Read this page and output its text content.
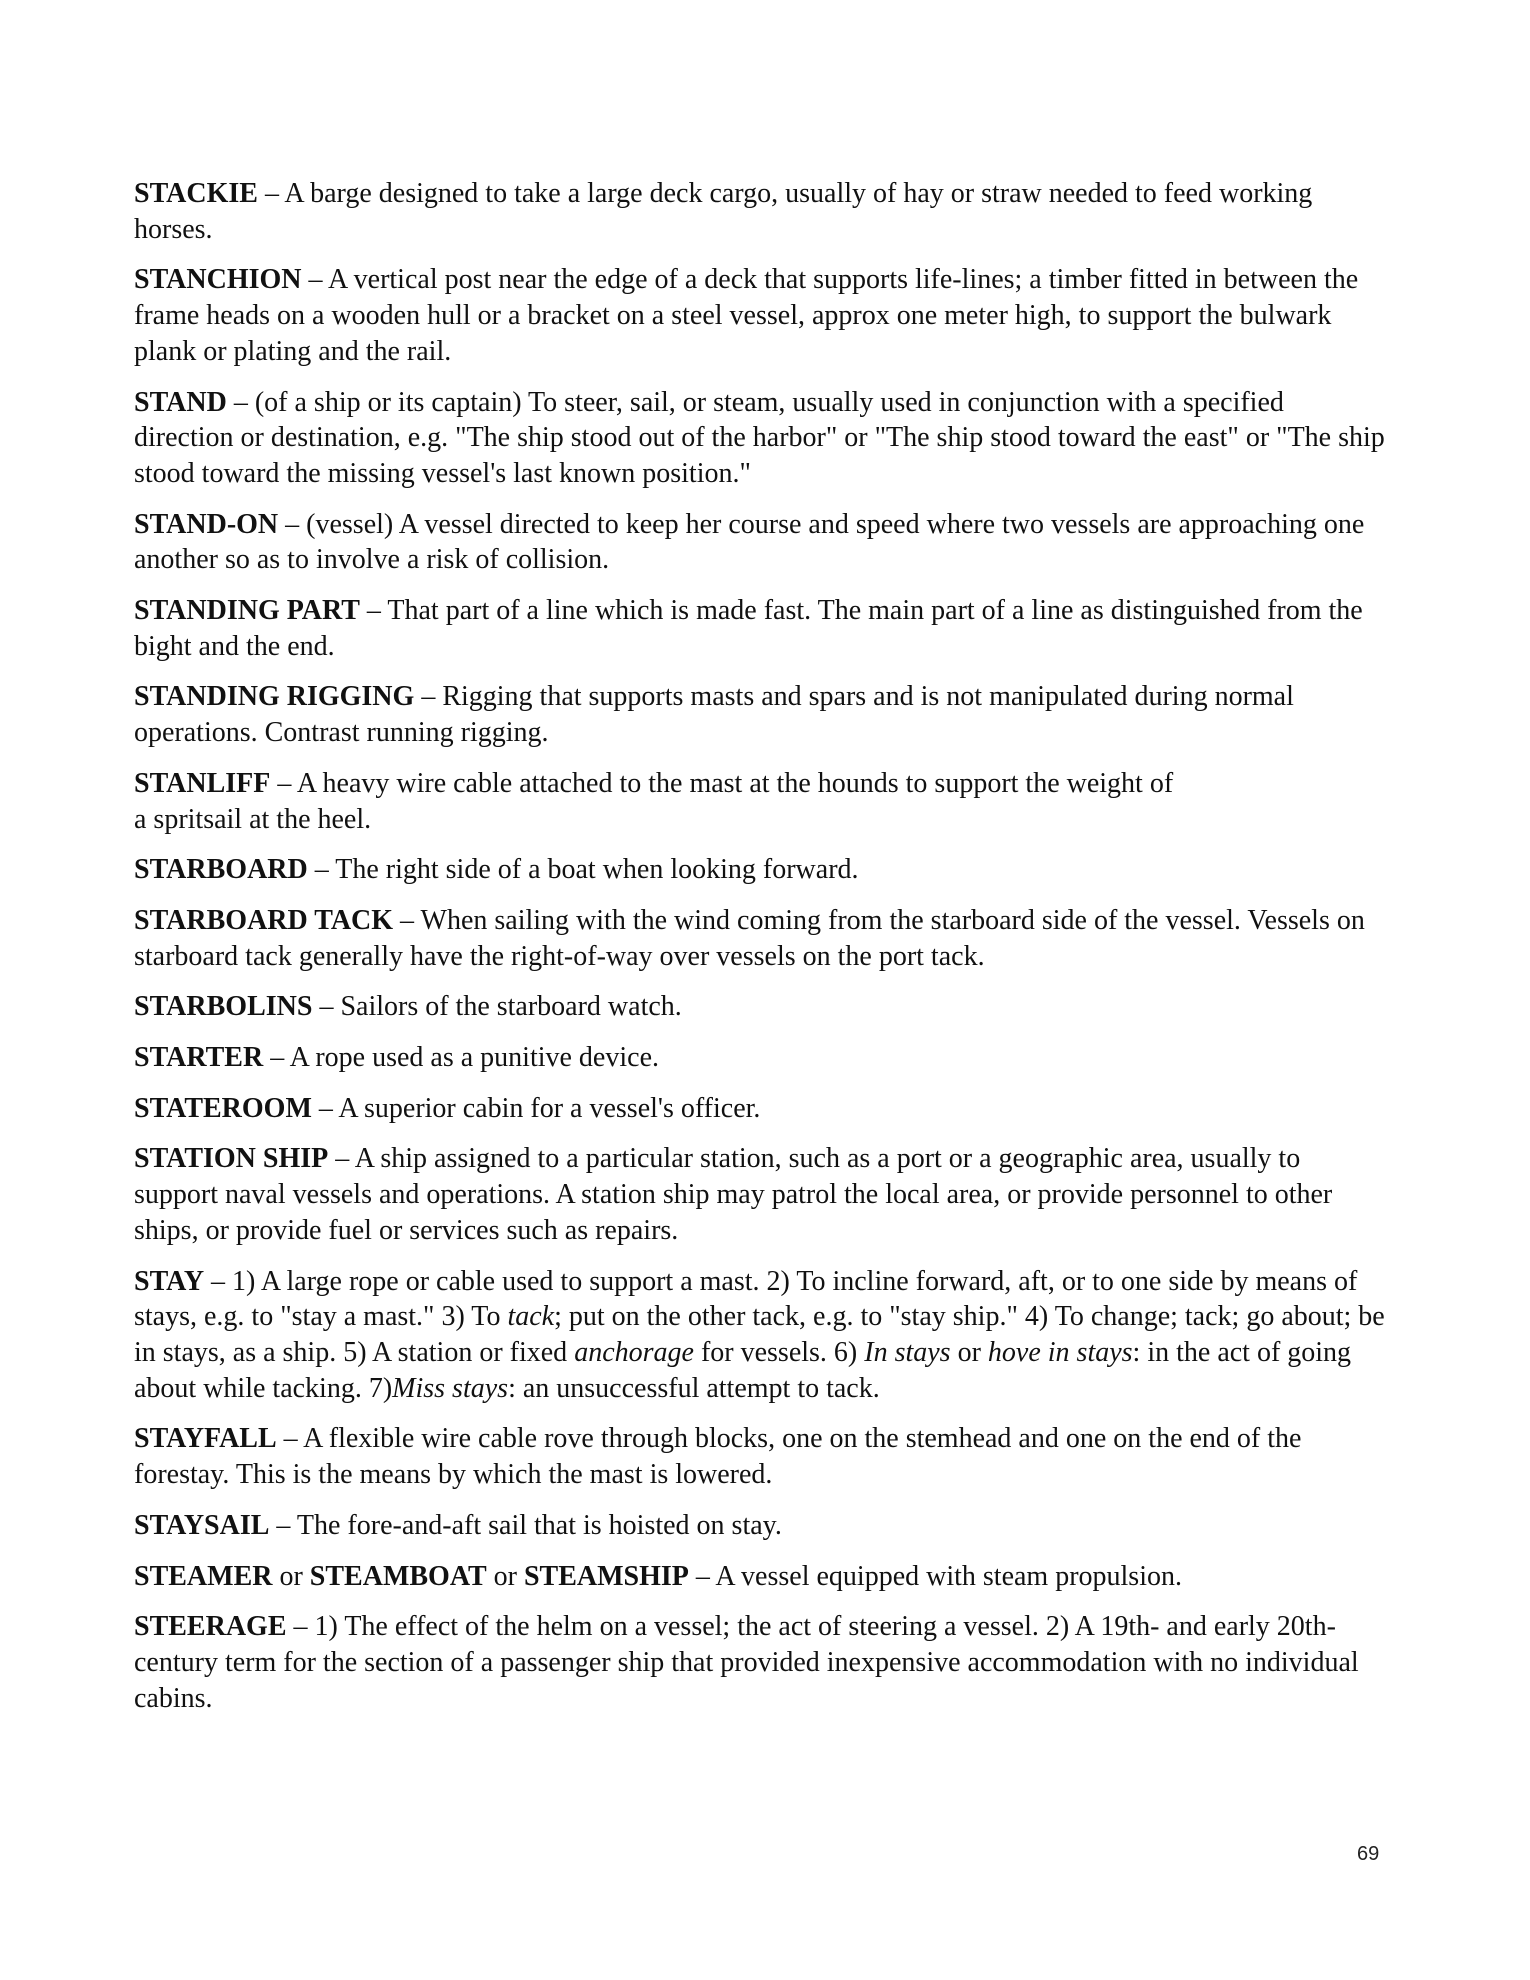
STACKIE – A barge designed to take a large deck cargo, usually of hay or straw needed to feed working horses.

STANCHION – A vertical post near the edge of a deck that supports life-lines; a timber fitted in between the frame heads on a wooden hull or a bracket on a steel vessel, approx one meter high, to support the bulwark plank or plating and the rail.

STAND – (of a ship or its captain) To steer, sail, or steam, usually used in conjunction with a specified direction or destination, e.g. "The ship stood out of the harbor" or "The ship stood toward the east" or "The ship stood toward the missing vessel's last known position."

STAND-ON – (vessel) A vessel directed to keep her course and speed where two vessels are approaching one another so as to involve a risk of collision.

STANDING PART – That part of a line which is made fast. The main part of a line as distinguished from the bight and the end.

STANDING RIGGING – Rigging that supports masts and spars and is not manipulated during normal operations. Contrast running rigging.

STANLIFF – A heavy wire cable attached to the mast at the hounds to support the weight of
a spritsail at the heel.

STARBOARD – The right side of a boat when looking forward.

STARBOARD TACK – When sailing with the wind coming from the starboard side of the vessel. Vessels on starboard tack generally have the right-of-way over vessels on the port tack.

STARBOLINS – Sailors of the starboard watch.

STARTER – A rope used as a punitive device.

STATEROOM – A superior cabin for a vessel's officer.

STATION SHIP – A ship assigned to a particular station, such as a port or a geographic area, usually to support naval vessels and operations. A station ship may patrol the local area, or provide personnel to other ships, or provide fuel or services such as repairs.

STAY – 1) A large rope or cable used to support a mast. 2) To incline forward, aft, or to one side by means of stays, e.g. to "stay a mast." 3) To tack; put on the other tack, e.g. to "stay ship." 4) To change; tack; go about; be in stays, as a ship. 5) A station or fixed anchorage for vessels. 6) In stays or hove in stays: in the act of going about while tacking. 7)Miss stays: an unsuccessful attempt to tack.

STAYFALL – A flexible wire cable rove through blocks, one on the stemhead and one on the end of the forestay. This is the means by which the mast is lowered.

STAYSAIL – The fore-and-aft sail that is hoisted on stay.

STEAMER or STEAMBOAT or STEAMSHIP – A vessel equipped with steam propulsion.

STEERAGE – 1) The effect of the helm on a vessel; the act of steering a vessel. 2) A 19th- and early 20th-century term for the section of a passenger ship that provided inexpensive accommodation with no individual cabins.

69
